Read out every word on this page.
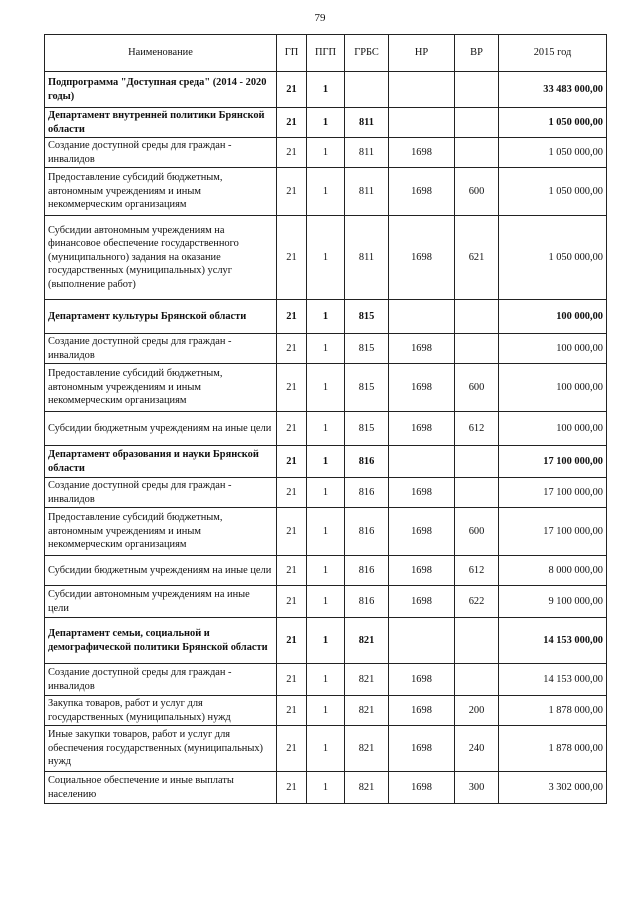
79
Наименование	ГП	ПГП	ГРБС	НР	ВР	2015 год
Подпрограмма "Доступная среда" (2014 - 2020 годы)	21	1				33 483 000,00
Департамент внутренней политики Брянской области	21	1	811			1 050 000,00
Создание доступной среды для граждан - инвалидов	21	1	811	1698		1 050 000,00
Предоставление субсидий бюджетным, автономным учреждениям и иным некоммерческим организациям	21	1	811	1698	600	1 050 000,00
Субсидии автономным учреждениям на финансовое обеспечение государственного (муниципального) задания на оказание государственных (муниципальных) услуг (выполнение работ)	21	1	811	1698	621	1 050 000,00
Департамент культуры Брянской области	21	1	815			100 000,00
Создание доступной среды для граждан - инвалидов	21	1	815	1698		100 000,00
Предоставление субсидий бюджетным, автономным учреждениям и иным некоммерческим организациям	21	1	815	1698	600	100 000,00
Субсидии бюджетным учреждениям на иные цели	21	1	815	1698	612	100 000,00
Департамент образования и науки Брянской области	21	1	816			17 100 000,00
Создание доступной среды для граждан - инвалидов	21	1	816	1698		17 100 000,00
Предоставление субсидий бюджетным, автономным учреждениям и иным некоммерческим организациям	21	1	816	1698	600	17 100 000,00
Субсидии бюджетным учреждениям на иные цели	21	1	816	1698	612	8 000 000,00
Субсидии автономным учреждениям на иные цели	21	1	816	1698	622	9 100 000,00
Департамент семьи, социальной и демографической политики Брянской области	21	1	821			14 153 000,00
Создание доступной среды для граждан - инвалидов	21	1	821	1698		14 153 000,00
Закупка товаров, работ и услуг для государственных (муниципальных) нужд	21	1	821	1698	200	1 878 000,00
Иные закупки товаров, работ и услуг для обеспечения государственных (муниципальных) нужд	21	1	821	1698	240	1 878 000,00
Социальное обеспечение и иные выплаты населению	21	1	821	1698	300	3 302 000,00
